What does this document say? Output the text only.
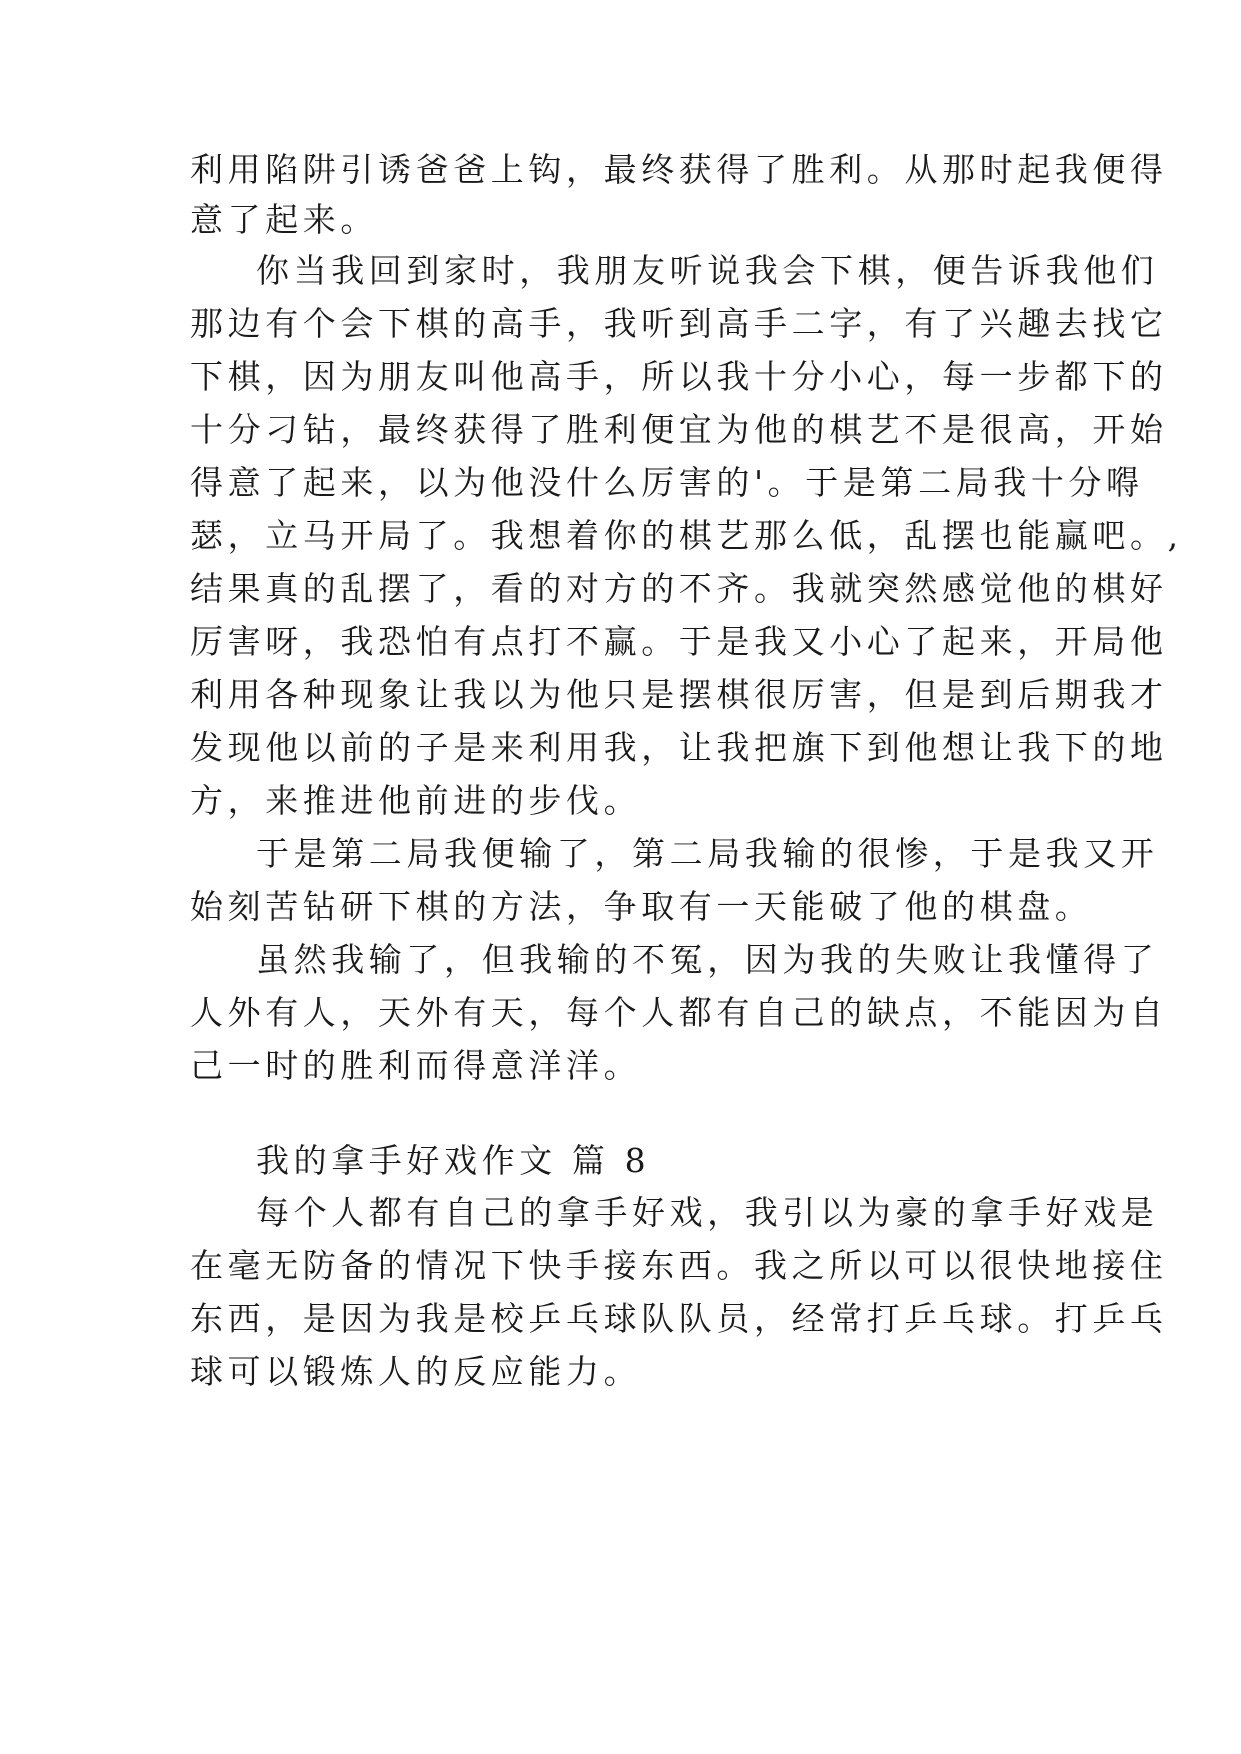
利用陷阱引诱爸爸上钩，最终获得了胜利。从那时起我便得
意了起来。
你当我回到家时，我朋友听说我会下棋，便告诉我他们
那边有个会下棋的高手，我听到高手二字，有了兴趣去找它
下棋，因为朋友叫他高手，所以我十分小心，每一步都下的
十分刁钻，最终获得了胜利便宜为他的棋艺不是很高，开始
得意了起来，以为他没什么厉害的'。于是第二局我十分嘚
瑟，立马开局了。我想着你的棋艺那么低，乱摆也能赢吧。,
结果真的乱摆了，看的对方的不齐。我就突然感觉他的棋好
厉害呀，我恐怕有点打不赢。于是我又小心了起来，开局他
利用各种现象让我以为他只是摆棋很厉害，但是到后期我才
发现他以前的子是来利用我，让我把旗下到他想让我下的地
方，来推进他前进的步伐。
于是第二局我便输了，第二局我输的很惨，于是我又开
始刻苦钻研下棋的方法，争取有一天能破了他的棋盘。
虽然我输了，但我输的不冤，因为我的失败让我懂得了
人外有人，天外有天，每个人都有自己的缺点，不能因为自
己一时的胜利而得意洋洋。
我的拿手好戏作文 篇 8
每个人都有自己的拿手好戏，我引以为豪的拿手好戏是
在毫无防备的情况下快手接东西。我之所以可以很快地接住
东西，是因为我是校乒乓球队队员，经常打乒乓球。打乒乓
球可以锻炼人的反应能力。
